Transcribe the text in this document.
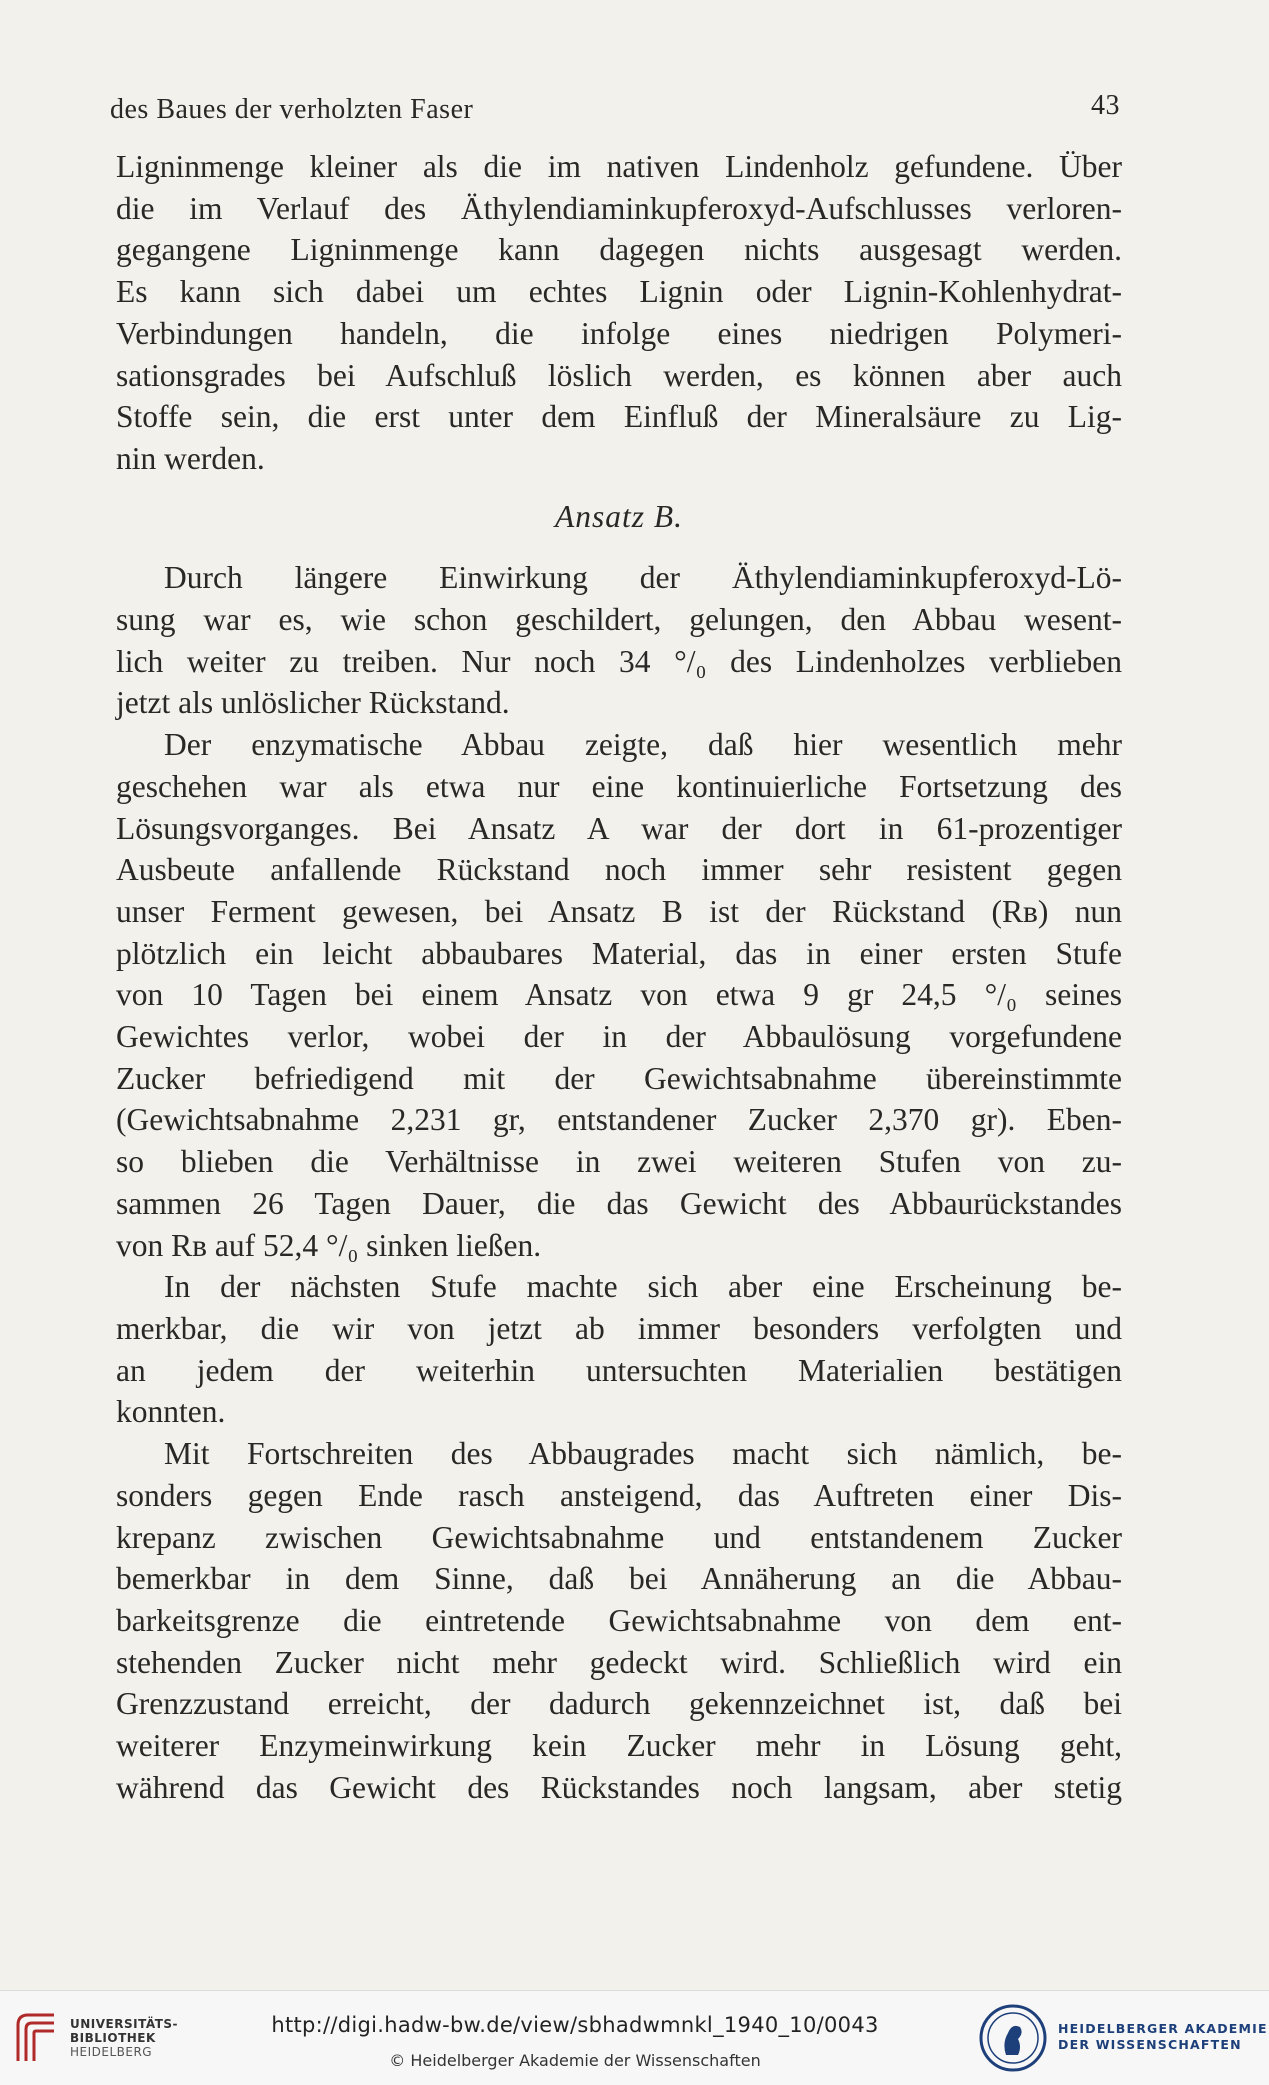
des Baues der verholzten Faser	43
Ligninmenge kleiner als die im nativen Lindenholz gefundene. Über
die im Verlauf des Äthylendiaminkupferoxyd-Aufschlusses verloren-
gegangene Ligninmenge kann dagegen nichts ausgesagt werden.
Es kann sich dabei um echtes Lignin oder Lignin-Kohlenhydrat-
Verbindungen handeln, die infolge eines niedrigen Polymeri-
sationsgrades bei Aufschluß löslich werden, es können aber auch
Stoffe sein, die erst unter dem Einfluß der Mineralsäure zu Lig-
nin werden.
Ansatz B.
Durch längere Einwirkung der Äthylendiaminkupferoxyd-Lö-
sung war es, wie schon geschildert, gelungen, den Abbau wesent-
lich weiter zu treiben. Nur noch 34 °/₀ des Lindenholzes verblieben
jetzt als unlöslicher Rückstand.
Der enzymatische Abbau zeigte, daß hier wesentlich mehr
geschehen war als etwa nur eine kontinuierliche Fortsetzung des
Lösungsvorganges. Bei Ansatz A war der dort in 61-prozentiger
Ausbeute anfallende Rückstand noch immer sehr resistent gegen
unser Ferment gewesen, bei Ansatz B ist der Rückstand (Rʙ) nun
plötzlich ein leicht abbaubares Material, das in einer ersten Stufe
von 10 Tagen bei einem Ansatz von etwa 9 gr 24,5 °/₀ seines
Gewichtes verlor, wobei der in der Abbaulösung vorgefundene
Zucker befriedigend mit der Gewichtsabnahme übereinstimmte
(Gewichtsabnahme 2,231 gr, entstandener Zucker 2,370 gr). Eben-
so blieben die Verhältnisse in zwei weiteren Stufen von zu-
sammen 26 Tagen Dauer, die das Gewicht des Abbaurückstandes
von Rʙ auf 52,4 °/₀ sinken ließen.
In der nächsten Stufe machte sich aber eine Erscheinung be-
merkbar, die wir von jetzt ab immer besonders verfolgten und
an jedem der weiterhin untersuchten Materialien bestätigen
konnten.
Mit Fortschreiten des Abbaugrades macht sich nämlich, be-
sonders gegen Ende rasch ansteigend, das Auftreten einer Dis-
krepanz zwischen Gewichtsabnahme und entstandenem Zucker
bemerkbar in dem Sinne, daß bei Annäherung an die Abbau-
barkeitsgrenze die eintretende Gewichtsabnahme von dem ent-
stehenden Zucker nicht mehr gedeckt wird. Schließlich wird ein
Grenzzustand erreicht, der dadurch gekennzeichnet ist, daß bei
weiterer Enzymeinwirkung kein Zucker mehr in Lösung geht,
während das Gewicht des Rückstandes noch langsam, aber stetig
UNIVERSITÄTS-
BIBLIOTHEK
HEIDELBERG
http://digi.hadw-bw.de/view/sbhadwmnkl_1940_10/0043
© Heidelberger Akademie der Wissenschaften
HEIDELBERGER AKADEMIE
DER WISSENSCHAFTEN
